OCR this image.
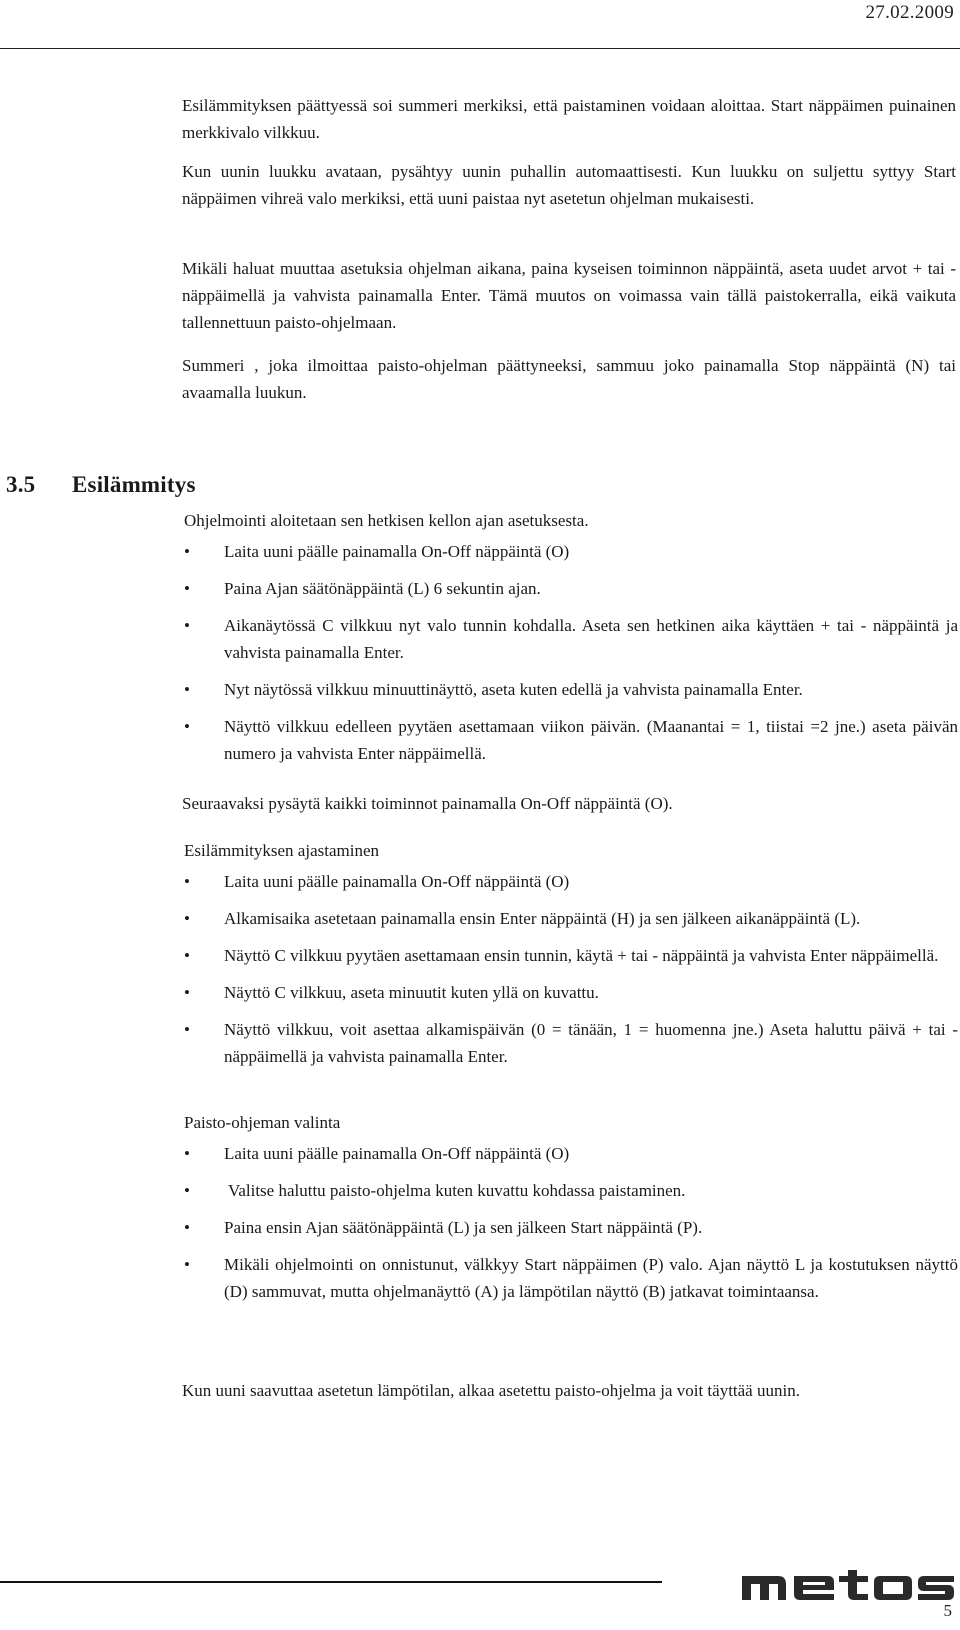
27.02.2009
Esilämmityksen päättyessä soi summeri merkiksi, että paistaminen voidaan aloittaa. Start näppäimen puinainen merkkivalo vilkkuu.
Kun uunin luukku avataan, pysähtyy uunin puhallin automaattisesti. Kun luukku on suljettu syttyy Start näppäimen vihreä valo merkiksi, että uuni paistaa nyt asetetun ohjelman mukaisesti.
Mikäli haluat muuttaa asetuksia ohjelman aikana, paina kyseisen toiminnon näppäintä, aseta uudet arvot + tai - näppäimellä ja vahvista painamalla Enter. Tämä muutos on voimassa vain tällä paistokerralla, eikä vaikuta tallennettuun paisto-ohjelmaan.
Summeri , joka ilmoittaa paisto-ohjelman päättyneeksi, sammuu joko painamalla Stop näppäintä (N) tai avaamalla luukun.
3.5 Esilämmitys

Ohjelmointi aloitetaan sen hetkisen kellon ajan asetuksesta.

• Laita uuni päälle painamalla On-Off näppäintä (O)
• Paina Ajan säätönäppäintä (L) 6 sekuntin ajan.
• Aikanäytössä C vilkkuu nyt valo tunnin kohdalla. Aseta sen hetkinen aika käyttäen + tai - näppäintä ja vahvista painamalla Enter.
• Nyt näytössä vilkkuu minuuttinäyttö, aseta kuten edellä ja vahvista painamalla Enter.
• Näyttö vilkkuu edelleen pyytäen asettamaan viikon päivän. (Maanantai = 1, tiistai =2 jne.) aseta päivän numero ja vahvista Enter näppäimellä.
Seuraavaksi pysäytä kaikki toiminnot painamalla On-Off näppäintä (O).

Esilämmityksen ajastaminen

• Laita uuni päälle painamalla On-Off näppäintä (O)
• Alkamisaika asetetaan painamalla ensin Enter näppäintä (H) ja sen jälkeen aikanäppäintä (L).
• Näyttö C vilkkuu pyytäen asettamaan ensin tunnin, käytä + tai - näppäintä ja vahvista Enter näppäimellä.
• Näyttö C vilkkuu, aseta minuutit kuten yllä on kuvattu.
• Näyttö vilkkuu, voit asettaa alkamispäivän (0 = tänään, 1 = huomenna jne.) Aseta haluttu päivä + tai - näppäimellä ja vahvista painamalla Enter.

Paisto-ohjeman valinta

• Laita uuni päälle painamalla On-Off näppäintä (O)
• Valitse haluttu paisto-ohjelma kuten kuvattu kohdassa paistaminen.
• Paina ensin Ajan säätönäppäintä (L) ja sen jälkeen Start näppäintä (P).
• Mikäli ohjelmointi on onnistunut, välkkyy Start näppäimen (P) valo. Ajan näyttö L ja kostutuksen näyttö (D) sammuvat, mutta ohjelmanäyttö (A) ja lämpötilan näyttö (B) jatkavat toimintaansa.
Kun uuni saavuttaa asetetun lämpötilan, alkaa asetettu paisto-ohjelma ja voit täyttää uunin.
metos
5
